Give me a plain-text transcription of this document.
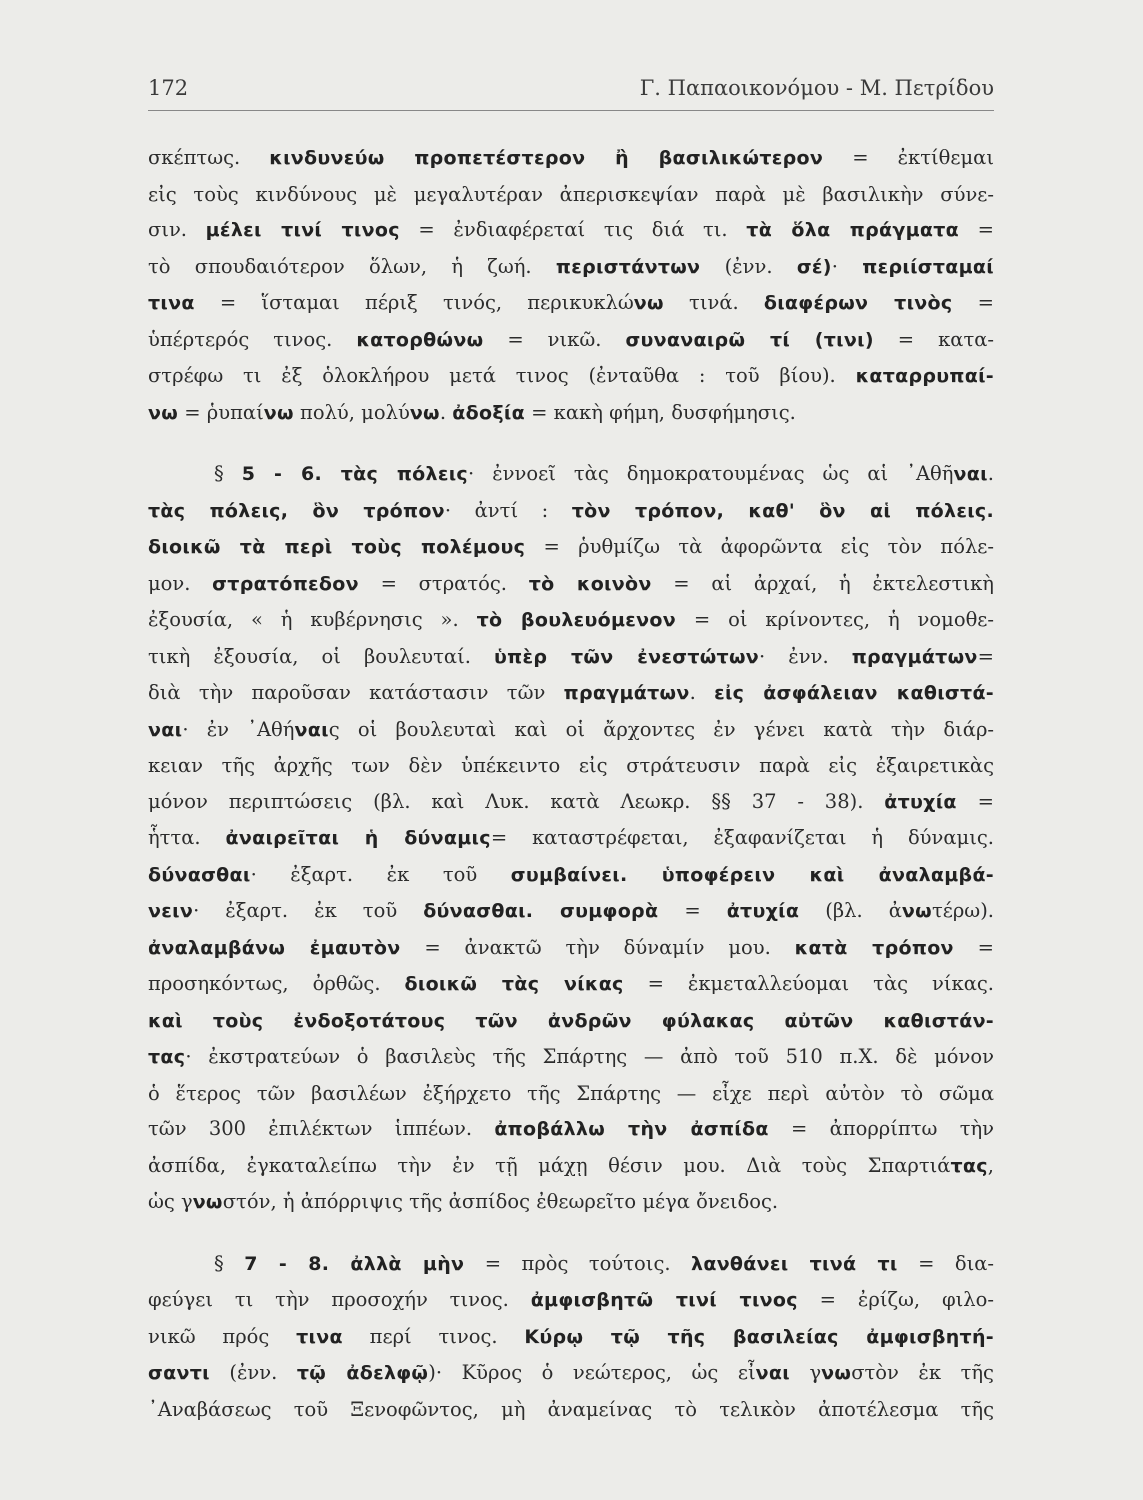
172	Γ. Παπαοικονόμου - Μ. Πετρίδου
σκέπτως. κινδυνεύω προπετέστερον ἢ βασιλικώτερον = ἐκτίθεμαι
εἰς τοὺς κινδύνους μὲ μεγαλυτέραν ἀπερισκεψίαν παρὰ μὲ βασιλικὴν σύνε-
σιν. μέλει τινί τινος = ἐνδιαφέρεταί τις διά τι. τὰ ὅλα πράγματα =
τὸ σπουδαιότερον ὅλων, ἡ ζωή. περιστάντων (ἐνν. σέ)· περιίσταμαί
τινα = ἵσταμαι πέριξ τινός, περικυκλώνω τινά. διαφέρων τινὸς =
ὑπέρτερός τινος. κατορθώνω = νικῶ. συναναιρῶ τί (τινι) = κατα-
στρέφω τι ἐξ ὁλοκλήρου μετά τινος (ἐνταῦθα : τοῦ βίου). καταρρυπαί-
νω = ῥυπαίνω πολύ, μολύνω. ἀδοξία = κακὴ φήμη, δυσφήμησις.
§ 5 - 6. τὰς πόλεις· ἐννοεῖ τὰς δημοκρατουμένας ὡς αἱ ᾿Αθῆναι.
τὰς πόλεις, ὃν τρόπον· ἀντί : τὸν τρόπον, καθ' ὃν αἱ πόλεις.
διοικῶ τὰ περὶ τοὺς πολέμους = ῥυθμίζω τὰ ἀφορῶντα εἰς τὸν πόλε-
μον. στρατόπεδον = στρατός. τὸ κοινὸν = αἱ ἀρχαί, ἡ ἐκτελεστικὴ
ἐξουσία, « ἡ κυβέρνησις ». τὸ βουλευόμενον = οἱ κρίνοντες, ἡ νομοθε-
τικὴ ἐξουσία, οἱ βουλευταί. ὑπὲρ τῶν ἐνεστώτων· ἐνν. πραγμάτων=
διὰ τὴν παροῦσαν κατάστασιν τῶν πραγμάτων. εἰς ἀσφάλειαν καθιστά-
ναι· ἐν ᾿Αθήναις οἱ βουλευταὶ καὶ οἱ ἄρχοντες ἐν γένει κατὰ τὴν διάρ-
κειαν τῆς ἀρχῆς των δὲν ὑπέκειντο εἰς στράτευσιν παρὰ εἰς ἐξαιρετικὰς
μόνον περιπτώσεις (βλ. καὶ Λυκ. κατὰ Λεωκρ. §§ 37 - 38). ἀτυχία =
ἧττα. ἀναιρεῖται ἡ δύναμις= καταστρέφεται, ἐξαφανίζεται ἡ δύναμις.
δύνασθαι· ἐξαρτ. ἐκ τοῦ συμβαίνει. ὑποφέρειν καὶ ἀναλαμβά-
νειν· ἐξαρτ. ἐκ τοῦ δύνασθαι. συμφορὰ = ἀτυχία (βλ. ἀνωτέρω).
ἀναλαμβάνω ἐμαυτὸν = ἀνακτῶ τὴν δύναμίν μου. κατὰ τρόπον =
προσηκόντως, ὀρθῶς. διοικῶ τὰς νίκας = ἐκμεταλλεύομαι τὰς νίκας.
καὶ τοὺς ἐνδοξοτάτους τῶν ἀνδρῶν φύλακας αὐτῶν καθιστάν-
τας· ἐκστρατεύων ὁ βασιλεὺς τῆς Σπάρτης — ἀπὸ τοῦ 510 π.Χ. δὲ μόνον
ὁ ἕτερος τῶν βασιλέων ἐξήρχετο τῆς Σπάρτης — εἶχε περὶ αὐτὸν τὸ σῶμα
τῶν 300 ἐπιλέκτων ἱππέων. ἀποβάλλω τὴν ἀσπίδα = ἀπορρίπτω τὴν
ἀσπίδα, ἐγκαταλείπω τὴν ἐν τῇ μάχῃ θέσιν μου. Διὰ τοὺς Σπαρτιάτας,
ὡς γνωστόν, ἡ ἀπόρριψις τῆς ἀσπίδος ἐθεωρεῖτο μέγα ὄνειδος.
§ 7 - 8. ἀλλὰ μὴν = πρὸς τούτοις. λανθάνει τινά τι = δια-
φεύγει τι τὴν προσοχήν τινος. ἀμφισβητῶ τινί τινος = ἐρίζω, φιλο-
νικῶ πρός τινα περί τινος. Κύρῳ τῷ τῆς βασιλείας ἀμφισβητή-
σαντι (ἐνν. τῷ ἀδελφῷ)· Κῦρος ὁ νεώτερος, ὡς εἶναι γνωστὸν ἐκ τῆς
᾿Αναβάσεως τοῦ Ξενοφῶντος, μὴ ἀναμείνας τὸ τελικὸν ἀποτέλεσμα τῆς
